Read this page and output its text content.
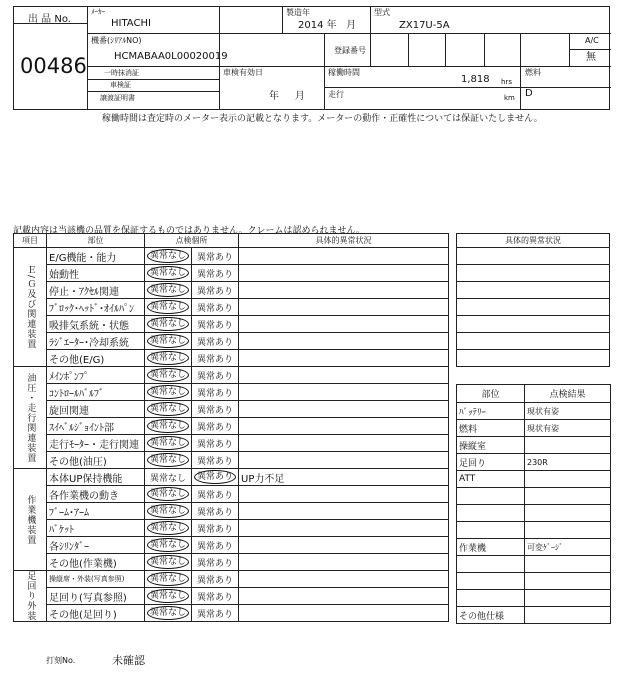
出 品 No.
00486
ﾒｰｶｰ
HITACHI
製造年
2014 年   月
型式
ZX17U-5A
機番(ｼﾘｱﾙNO)
HCMABAA0L00020019
登録番号
A/C
無
一時抹消証
車検証
譲渡証明書
車検有効日
年     月
稼働時間
1,818 hrs
km
走行
燃料
D
稼働時間は査定時のメーター表示の記載となります。メーターの動作・正確性については保証いたしません。
記載内容は当該機の品質を保証するものではありません。クレームは認められません。
項目	部位	点検個所		具体的異常状況
Ｅ/Ｇ及び関連装置	E/G機能・能力	異常なし	異常あり	
	始動性	異常なし	異常あり	
	停止・ｱｸｾﾙ関連	異常なし	異常あり	
	ﾌﾞﾛｯｸ･ﾍｯﾄﾞ･ｵｲﾙﾊﾟﾝ	異常なし	異常あり	
	吸排気系統・状態	異常なし	異常あり	
	ﾗｼﾞｴｰﾀｰ･冷却系統	異常なし	異常あり	
	その他(E/G)	異常なし	異常あり	
油圧・走行関連装置	ﾒｲﾝﾎﾟﾝﾌﾟ	異常なし	異常あり	
	ｺﾝﾄﾛｰﾙﾊﾞﾙﾌﾞ	異常なし	異常あり	
	旋回関連	異常なし	異常あり	
	ｽｲﾍﾞﾙｼﾞｮｲﾝﾄ部	異常なし	異常あり	
	走行ﾓｰﾀｰ・走行関連	異常なし	異常あり	
	その他(油圧)	異常なし	異常あり	
作業機装置	本体UP保持機能	異常なし	異常あり	UP力不足
	各作業機の動き	異常なし	異常あり	
	ﾌﾞｰﾑ･ｱｰﾑ	異常なし	異常あり	
	ﾊﾞｹｯﾄ	異常なし	異常あり	
	各ｼﾘﾝﾀﾞｰ	異常なし	異常あり	
	その他(作業機)	異常なし	異常あり	
足回り外装	操縦席・外装(写真参照)	異常なし	異常あり	
	足回り(写真参照)	異常なし	異常あり	
	その他(足回り)	異常なし	異常あり	
具体的異常状況

部位	点検結果
ﾊﾞｯﾃﾘｰ	現状有姿
燃料	現状有姿
操縦室	
足回り	230R
ATT	

作業機	可変ｹﾞｰｼﾞ

その他仕様	
打刻No.	未確認
